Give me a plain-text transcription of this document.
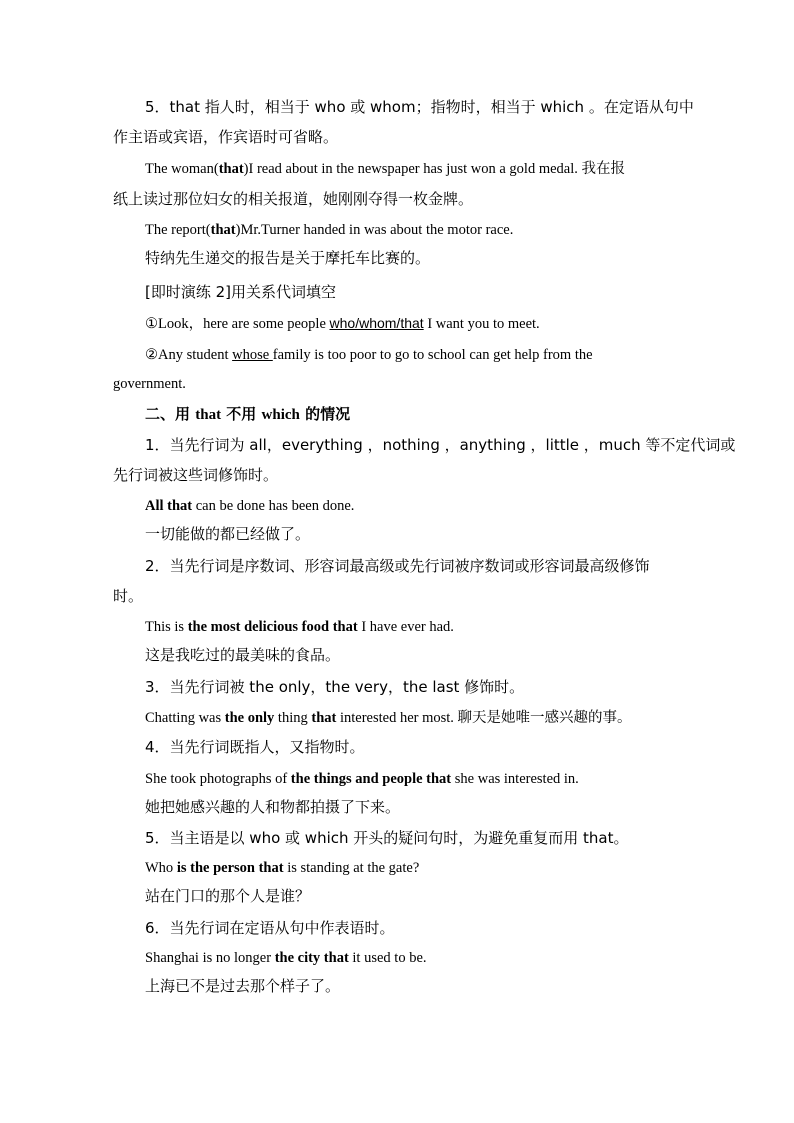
5．that 指人时，相当于 who 或 whom；指物时，相当于 which 。在定语从句中
作主语或宾语，作宾语时可省略。
The woman(that)I read about in the newspaper has just won a gold medal. 我在报
纸上读过那位妇女的相关报道，她刚刚夺得一枚金牌。
The report(that)Mr.Turner handed in was about the motor race.
特纳先生递交的报告是关于摩托车比赛的。
[即时演练 2]用关系代词填空
①Look，here are some people who/whom/that I want you to meet.
②Any student whose family is too poor to go to school can get help from the
government.
二、用 that 不用 which 的情况
1．当先行词为 all，everything ，nothing ，anything ，little ，much 等不定代词或
先行词被这些词修饰时。
All that can be done has been done.
一切能做的都已经做了。
2．当先行词是序数词、形容词最高级或先行词被序数词或形容词最高级修饰
时。
This is the most delicious food that I have ever had.
这是我吃过的最美味的食品。
3．当先行词被 the only，the very，the last 修饰时。
Chatting was the only thing that interested her most. 聊天是她唯一感兴趣的事。
4．当先行词既指人，又指物时。
She took photographs of the things and people that she was interested in.
她把她感兴趣的人和物都拍摄了下来。
5．当主语是以 who 或 which 开头的疑问句时，为避免重复而用 that。
Who is the person that is standing at the gate?
站在门口的那个人是谁？
6．当先行词在定语从句中作表语时。
Shanghai is no longer the city that it used to be.
上海已不是过去那个样子了。
